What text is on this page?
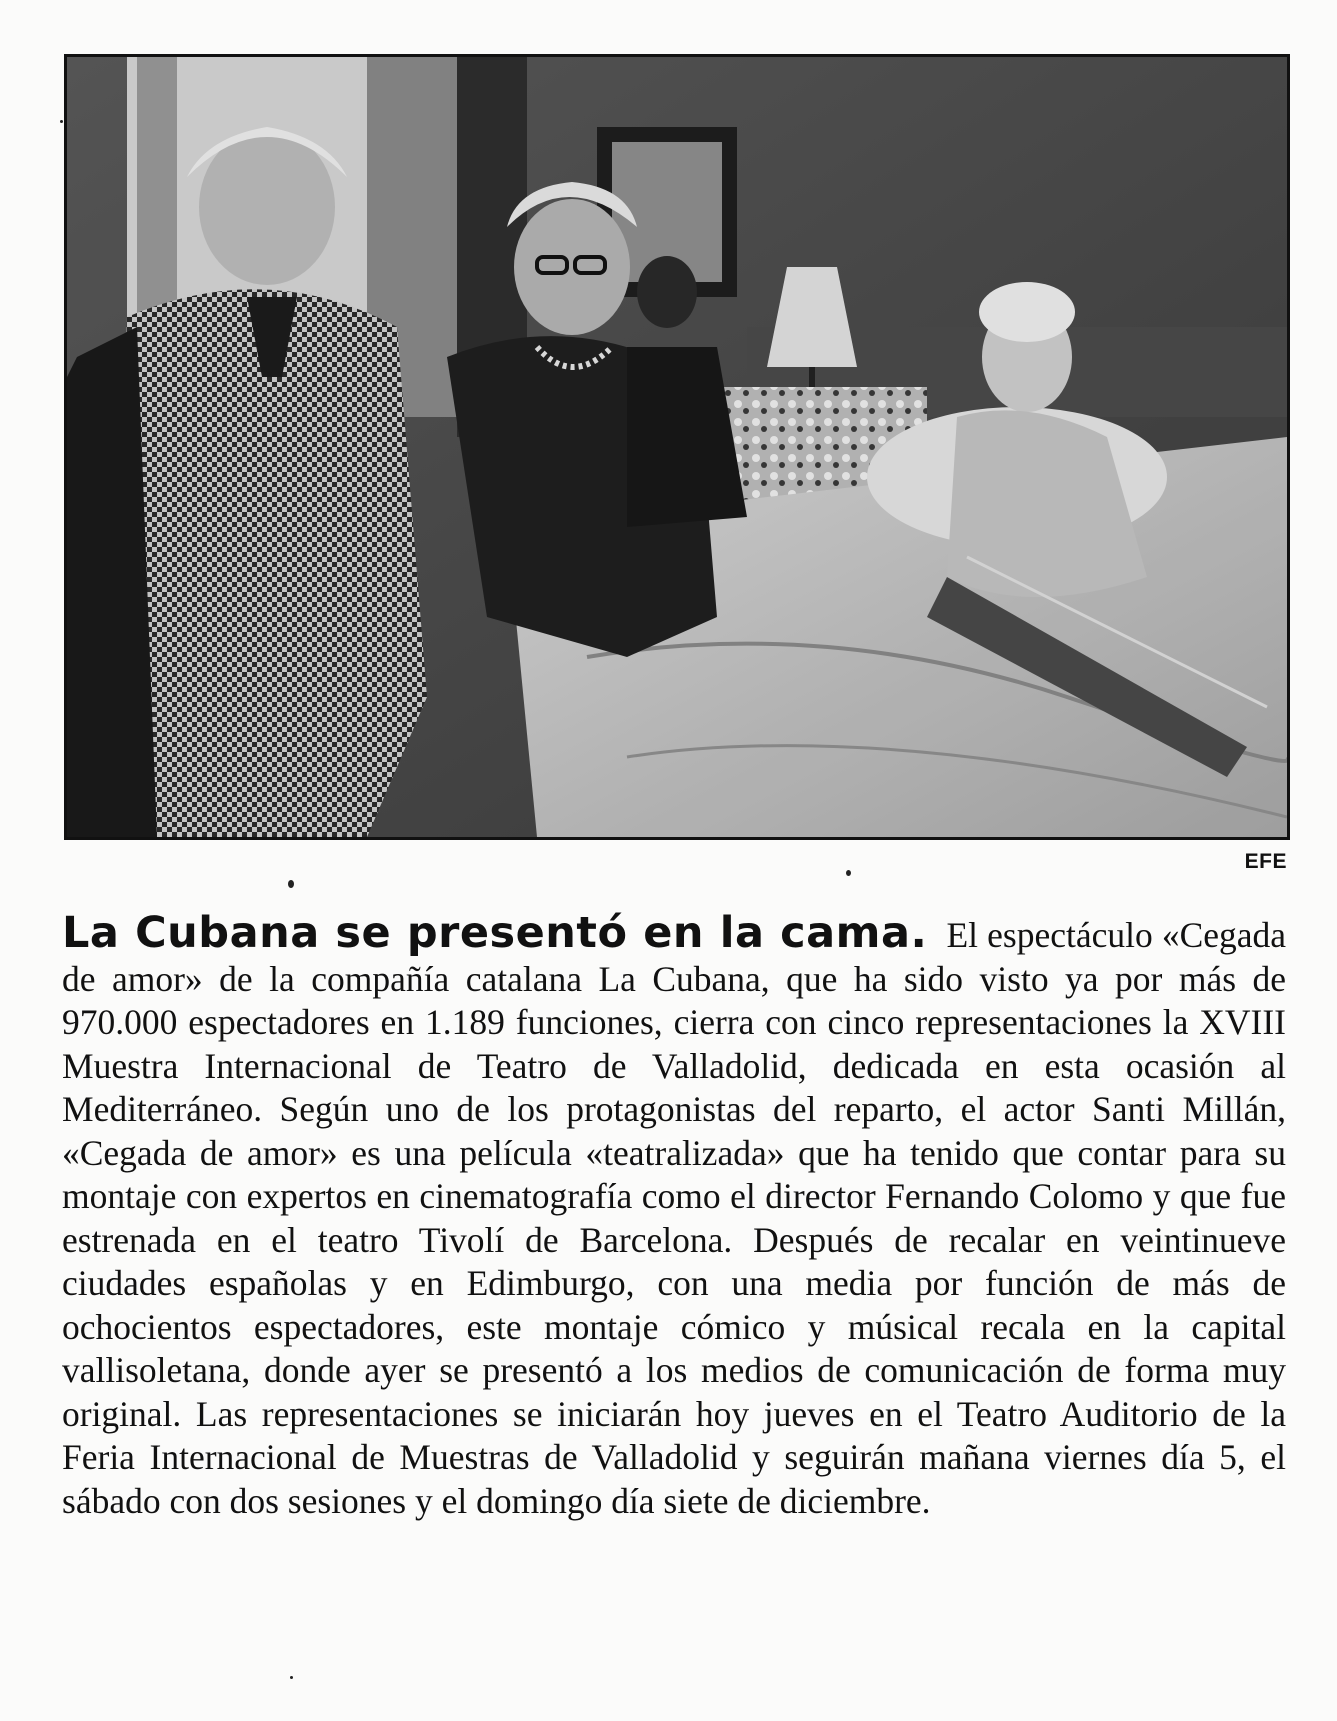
EFE

La Cubana se presentó en la cama. El espectáculo «Cegada de amor» de la compañía catalana La Cubana, que ha sido visto ya por más de 970.000 espectadores en 1.189 funciones, cierra con cinco representaciones la XVIII Muestra Internacional de Teatro de Valladolid, dedicada en esta ocasión al Mediterráneo. Según uno de los protagonistas del reparto, el actor Santi Millán, «Cegada de amor» es una película «teatralizada» que ha tenido que contar para su montaje con expertos en cinematografía como el director Fernando Colomo y que fue estrenada en el teatro Tivolí de Barcelona. Después de recalar en veintinueve ciudades españolas y en Edimburgo, con una media por función de más de ochocientos espectadores, este montaje cómico y músical recala en la capital vallisoletana, donde ayer se presentó a los medios de comunicación de forma muy original. Las representaciones se iniciarán hoy jueves en el Teatro Auditorio de la Feria Internacional de Muestras de Valladolid y seguirán mañana viernes día 5, el sábado con dos sesiones y el domingo día siete de diciembre.
